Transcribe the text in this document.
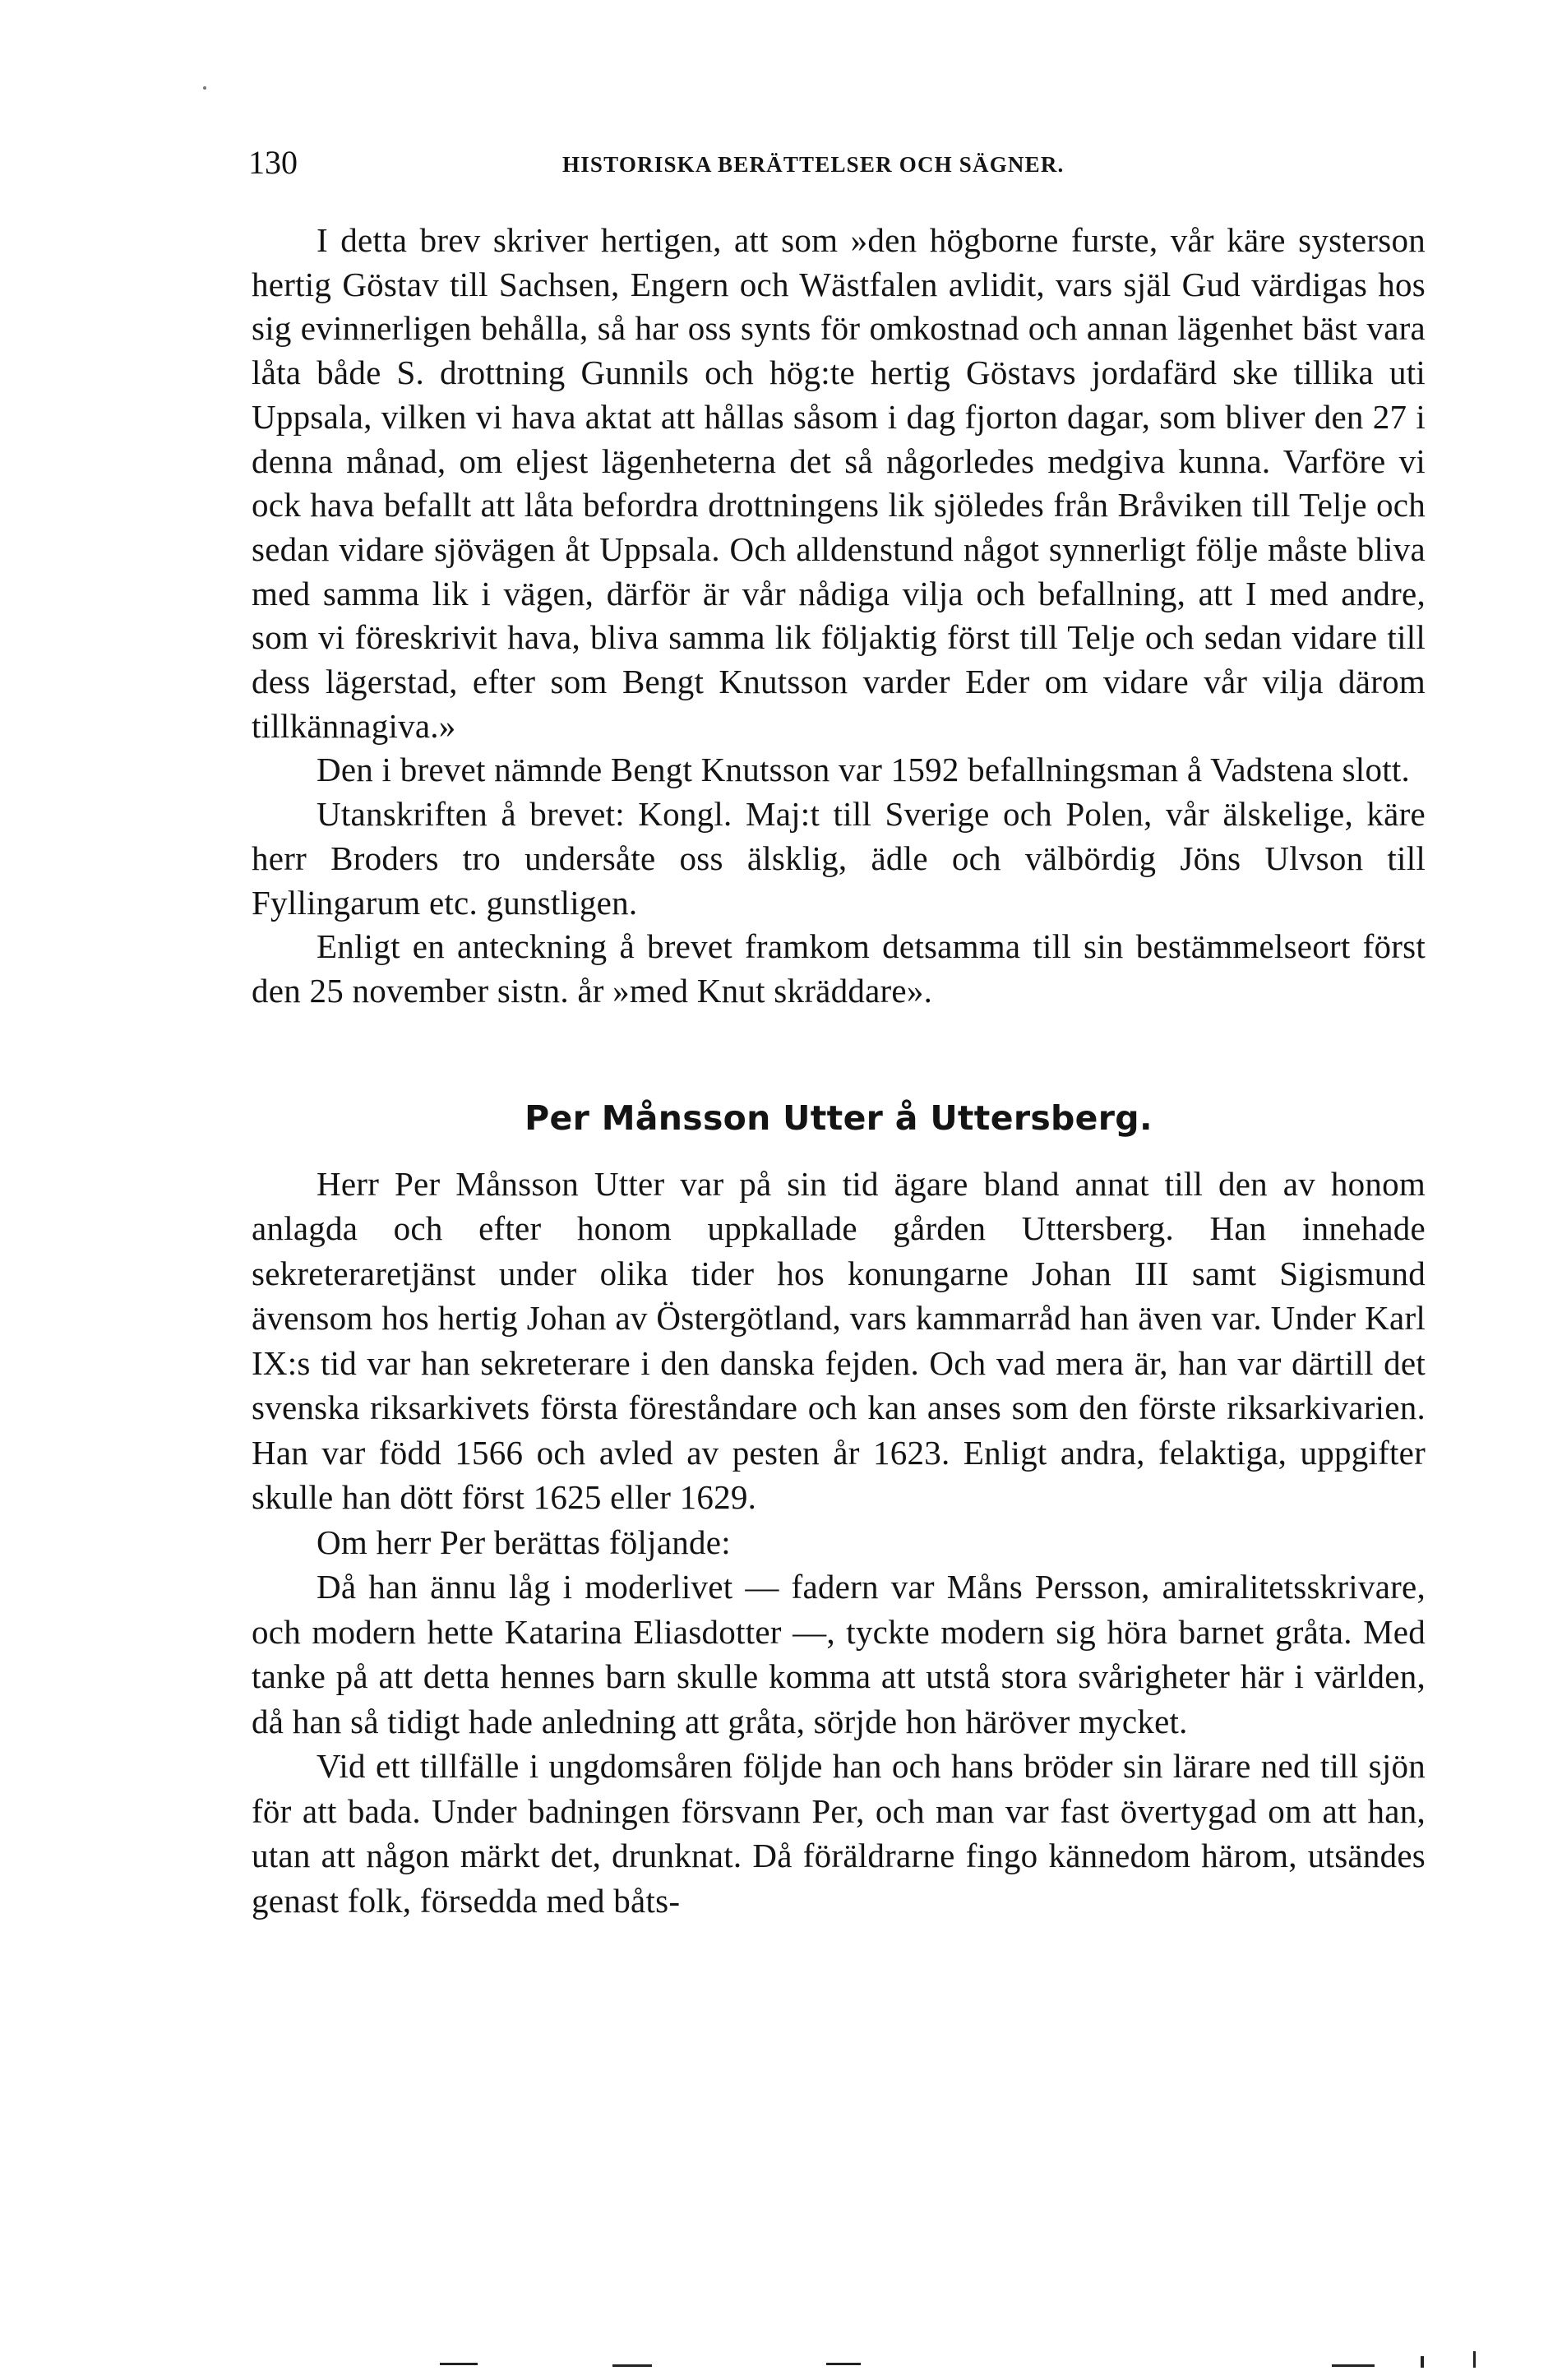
130	HISTORISKA BERÄTTELSER OCH SÄGNER.

I detta brev skriver hertigen, att som »den högborne furste, vår käre systerson hertig Göstav till Sachsen, Engern och Wästfalen avlidit, vars själ Gud värdigas hos sig evinnerligen behålla, så har oss synts för omkostnad och annan lägenhet bäst vara låta både S. drottning Gunnils och hög:te hertig Göstavs jordafärd ske tillika uti Uppsala, vilken vi hava aktat att hållas såsom i dag fjorton dagar, som bliver den 27 i denna månad, om eljest lägenheterna det så någorledes medgiva kunna. Varföre vi ock hava befallt att låta befordra drottningens lik sjöledes från Bråviken till Telje och sedan vidare sjövägen åt Uppsala. Och alldenstund något synnerligt följe måste bliva med samma lik i vägen, därför är vår nådiga vilja och befallning, att I med andre, som vi föreskrivit hava, bliva samma lik följaktig först till Telje och sedan vidare till dess lägerstad, efter som Bengt Knutsson varder Eder om vidare vår vilja därom tillkännagiva.»

Den i brevet nämnde Bengt Knutsson var 1592 befallningsman å Vadstena slott.

Utanskriften å brevet: Kongl. Maj:t till Sverige och Polen, vår älskelige, käre herr Broders tro undersåte oss älsklig, ädle och välbördig Jöns Ulvson till Fyllingarum etc. gunstligen.

Enligt en anteckning å brevet framkom detsamma till sin bestämmelseort först den 25 november sistn. år »med Knut skräddare».

Per Månsson Utter å Uttersberg.

Herr Per Månsson Utter var på sin tid ägare bland annat till den av honom anlagda och efter honom uppkallade gården Uttersberg. Han innehade sekreteraretjänst under olika tider hos konungarne Johan III samt Sigismund ävensom hos hertig Johan av Östergötland, vars kammarråd han även var. Under Karl IX:s tid var han sekreterare i den danska fejden. Och vad mera är, han var därtill det svenska riksarkivets första föreståndare och kan anses som den förste riksarkivarien. Han var född 1566 och avled av pesten år 1623. Enligt andra, felaktiga, uppgifter skulle han dött först 1625 eller 1629.

Om herr Per berättas följande:

Då han ännu låg i moderlivet — fadern var Måns Persson, amiralitetsskrivare, och modern hette Katarina Eliasdotter —, tyckte modern sig höra barnet gråta. Med tanke på att detta hennes barn skulle komma att utstå stora svårigheter här i världen, då han så tidigt hade anledning att gråta, sörjde hon häröver mycket.

Vid ett tillfälle i ungdomsåren följde han och hans bröder sin lärare ned till sjön för att bada. Under badningen försvann Per, och man var fast övertygad om att han, utan att någon märkt det, drunknat. Då föräldrarne fingo kännedom härom, utsändes genast folk, försedda med båts-
